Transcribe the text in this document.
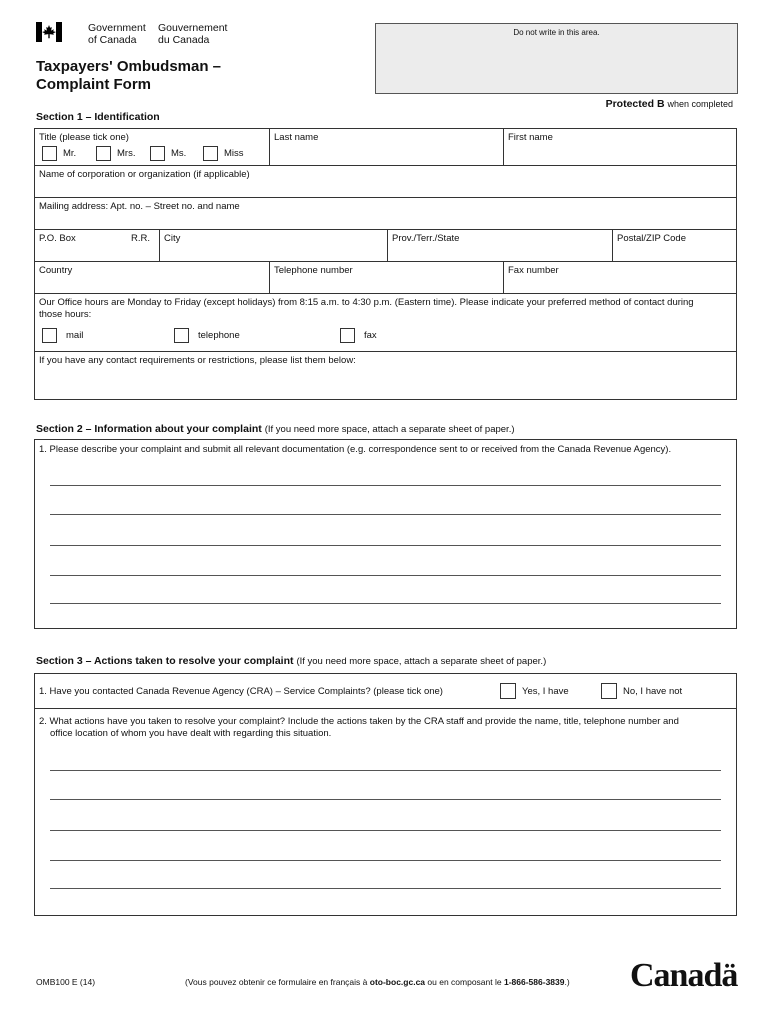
Government
of Canada
Gouvernement
du Canada
Do not write in this area.
Taxpayers' Ombudsman –
Complaint Form
Protected B when completed
Section 1 – Identification
Title (please tick one)
Mr.	Mrs.	Ms.	Miss
Last name	First name
Name of corporation or organization (if applicable)
Mailing address: Apt. no. – Street no. and name
P.O. Box	R.R.	City	Prov./Terr./State	Postal/ZIP Code
Country	Telephone number	Fax number
Our Office hours are Monday to Friday (except holidays) from 8:15 a.m. to 4:30 p.m. (Eastern time). Please indicate your preferred method of contact during those hours:
mail	telephone	fax
If you have any contact requirements or restrictions, please list them below:
Section 2 – Information about your complaint (If you need more space, attach a separate sheet of paper.)
1. Please describe your complaint and submit all relevant documentation (e.g. correspondence sent to or received from the Canada Revenue Agency).
Section 3 – Actions taken to resolve your complaint (If you need more space, attach a separate sheet of paper.)
1. Have you contacted Canada Revenue Agency (CRA) – Service Complaints? (please tick one)	Yes, I have	No, I have not
2. What actions have you taken to resolve your complaint? Include the actions taken by the CRA staff and provide the name, title, telephone number and
office location of whom you have dealt with regarding this situation.
OMB100 E (14)	(Vous pouvez obtenir ce formulaire en français à oto-boc.gc.ca ou en composant le 1-866-586-3839.) Canadä
